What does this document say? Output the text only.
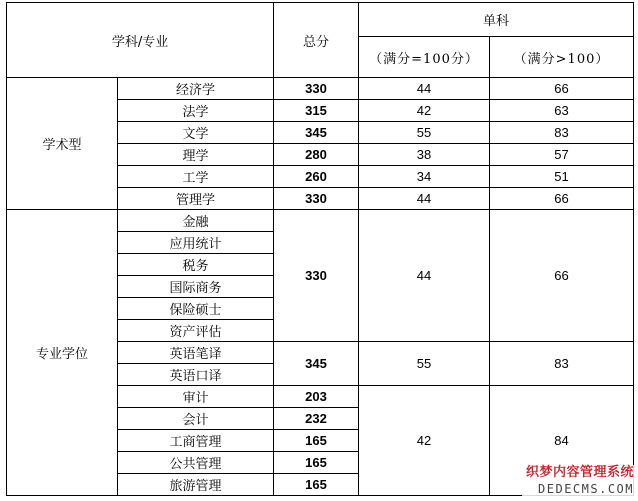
学科/专业		总分	单科	
			（满分=100分）	（满分>100）
学术型	经济学	330	44	66
	法学	315	42	63
	文学	345	55	83
	理学	280	38	57
	工学	260	34	51
	管理学	330	44	66
专业学位	金融	330	44	66
	应用统计			
	税务			
	国际商务			
	保险硕士			
	资产评估			
	英语笔译	345	55	83
	英语口译			
	审计	203	42	84
	会计	232		
	工商管理	165		
	公共管理	165		
	旅游管理	165		
织梦内容管理系统
DEDECMS.COM
